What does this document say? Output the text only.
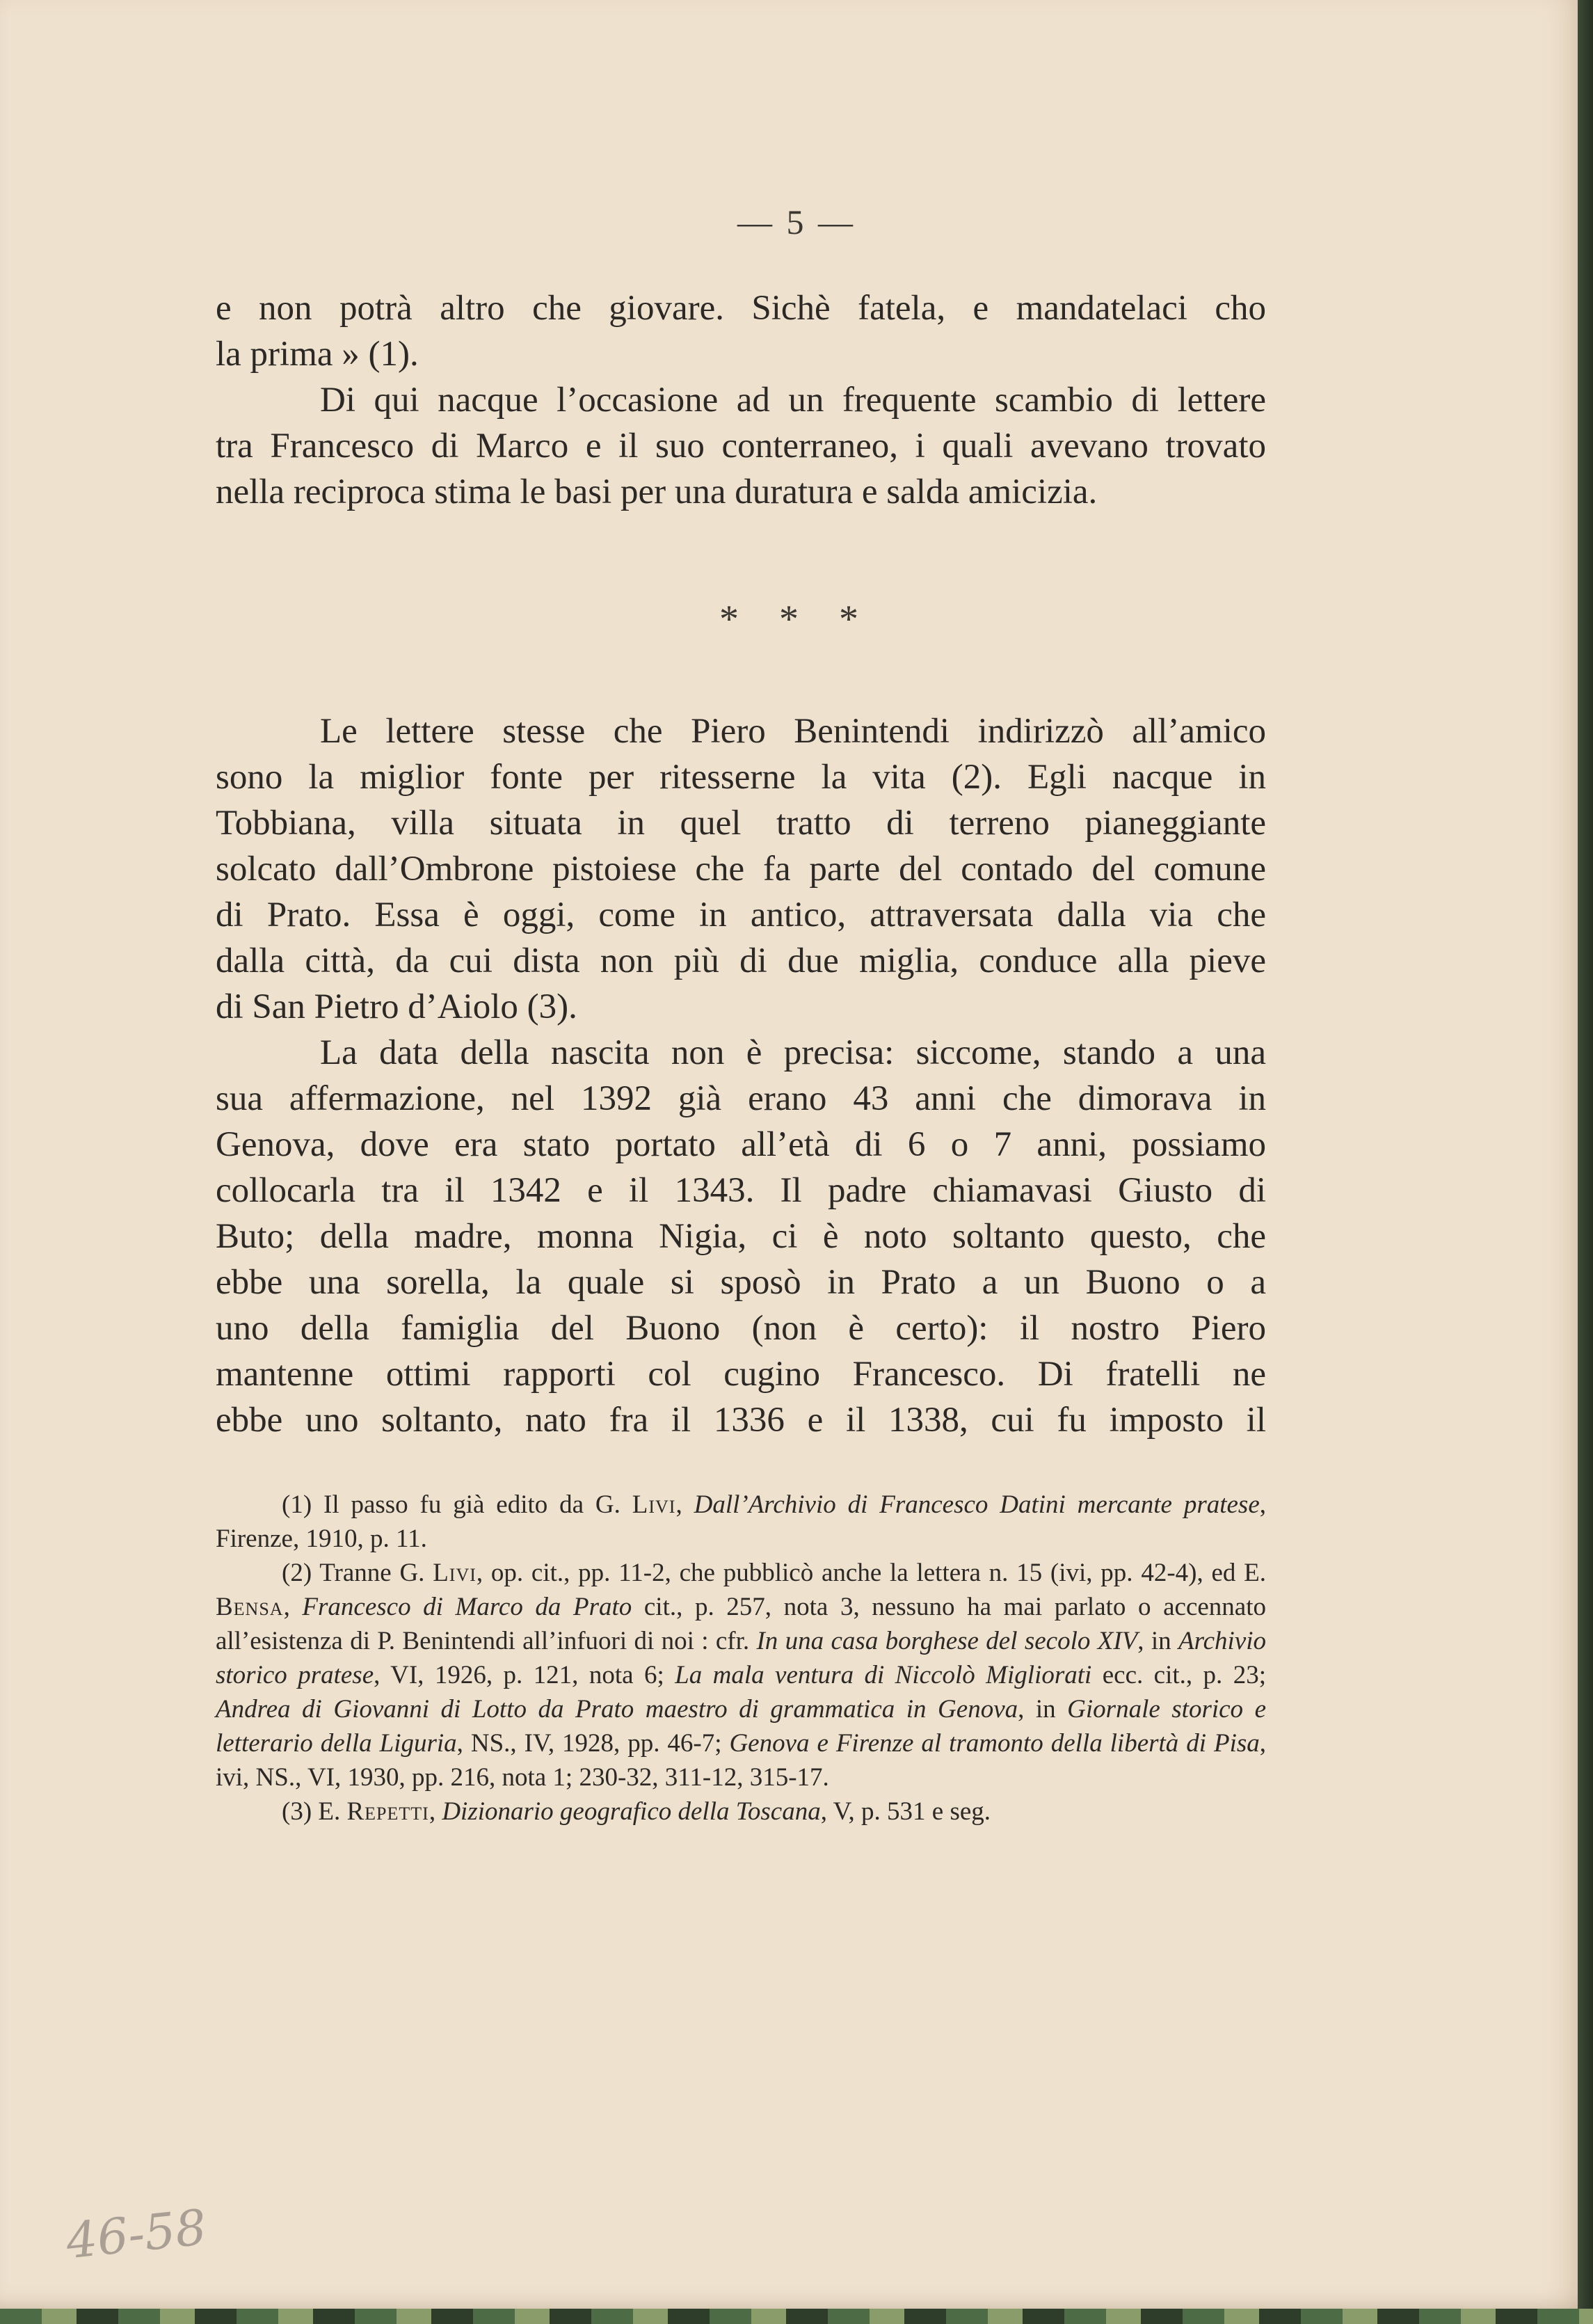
— 5 —

e non potrà altro che giovare. Sichè fatela, e mandatelaci cho
la prima » (1).

Di qui nacque l’occasione ad un frequente scambio di lettere
tra Francesco di Marco e il suo conterraneo, i quali avevano trovato
nella reciproca stima le basi per una duratura e salda amicizia.

* * *

Le lettere stesse che Piero Benintendi indirizzò all’amico
sono la miglior fonte per ritesserne la vita (2). Egli nacque in
Tobbiana, villa situata in quel tratto di terreno pianeggiante
solcato dall’Ombrone pistoiese che fa parte del contado del comune
di Prato. Essa è oggi, come in antico, attraversata dalla via che
dalla città, da cui dista non più di due miglia, conduce alla pieve
di San Pietro d’Aiolo (3).

La data della nascita non è precisa: siccome, stando a una
sua affermazione, nel 1392 già erano 43 anni che dimorava in
Genova, dove era stato portato all’età di 6 o 7 anni, possiamo
collocarla tra il 1342 e il 1343. Il padre chiamavasi Giusto di
Buto; della madre, monna Nigia, ci è noto soltanto questo, che
ebbe una sorella, la quale si sposò in Prato a un Buono o a
uno della famiglia del Buono (non è certo): il nostro Piero
mantenne ottimi rapporti col cugino Francesco. Di fratelli ne
ebbe uno soltanto, nato fra il 1336 e il 1338, cui fu imposto il

(1) Il passo fu già edito da G. Livi, Dall’Archivio di Francesco Datini mercante pratese, Firenze, 1910, p. 11.

(2) Tranne G. Livi, op. cit., pp. 11-2, che pubblicò anche la lettera n. 15 (ivi, pp. 42-4), ed E. Bensa, Francesco di Marco da Prato cit., p. 257, nota 3, nessuno ha mai parlato o accennato all’esistenza di P. Benintendi all’infuori di noi : cfr. In una casa borghese del secolo XIV, in Archivio storico pratese, VI, 1926, p. 121, nota 6; La mala ventura di Niccolò Migliorati ecc. cit., p. 23; Andrea di Giovanni di Lotto da Prato maestro di grammatica in Genova, in Giornale storico e letterario della Liguria, NS., IV, 1928, pp. 46-7; Genova e Firenze al tramonto della libertà di Pisa, ivi, NS., VI, 1930, pp. 216, nota 1; 230-32, 311-12, 315-17.

(3) E. Repetti, Dizionario geografico della Toscana, V, p. 531 e seg.

46-58
